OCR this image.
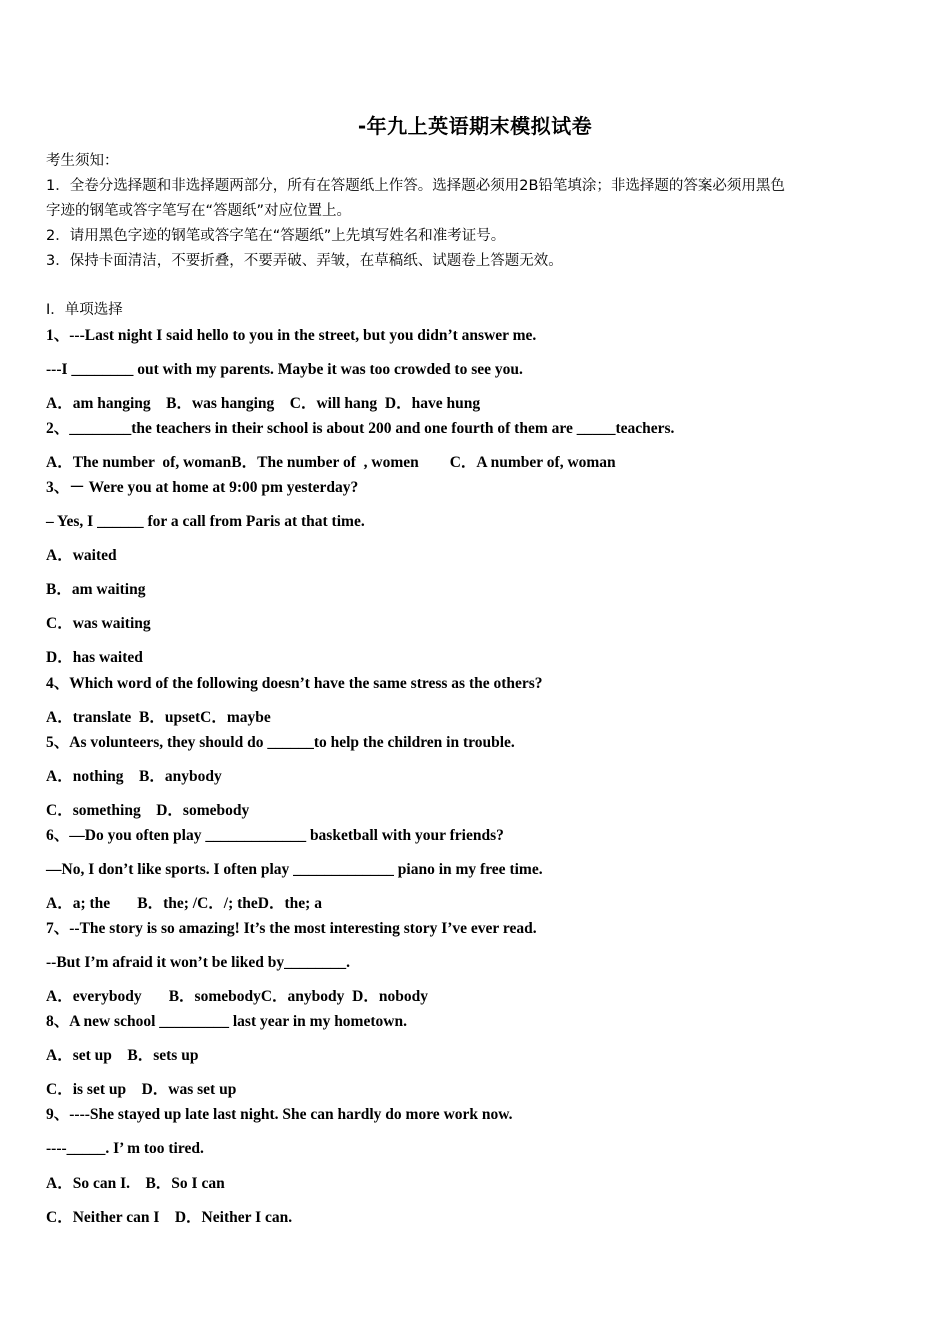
-年九上英语期末模拟试卷
考生须知：
1．全卷分选择题和非选择题两部分，所有在答题纸上作答。选择题必须用2B铅笔填涂；非选择题的答案必须用黑色
字迹的钢笔或答字笔写在“答题纸”对应位置上。
2．请用黑色字迹的钢笔或答字笔在“答题纸”上先填写姓名和准考证号。
3．保持卡面清洁，不要折叠，不要弄破、弄皱，在草稿纸、试题卷上答题无效。
Ⅰ．单项选择
1、---Last night I said hello to you in the street, but you didn’t answer me.
---I ________ out with my parents. Maybe it was too crowded to see you.
A．am hanging    B．was hanging    C．will hang  D．have hung
2、________the teachers in their school is about 200 and one fourth of them are _____teachers.
A．The number  of, womanB．The number of  , women        C．A number of, woman
3、－ Were you at home at 9:00 pm yesterday?
– Yes, I ______ for a call from Paris at that time.
A．waited
B．am waiting
C．was waiting
D．has waited
4、Which word of the following doesn’t have the same stress as the others?
A．translate  B．upsetC．maybe
5、As volunteers, they should do ______to help the children in trouble.
A．nothing    B．anybody
C．something    D．somebody
6、—Do you often play _____________ basketball with your friends?
—No, I don’t like sports. I often play _____________ piano in my free time.
A．a; the       B．the; /C．/; theD．the; a
7、--The story is so amazing! It’s the most interesting story I’ve ever read.
--But I’m afraid it won’t be liked by________.
A．everybody       B．somebodyC．anybody  D．nobody
8、A new school _________ last year in my hometown.
A．set up    B．sets up
C．is set up    D．was set up
9、----She stayed up late last night. She can hardly do more work now.
----_____. I’ m too tired.
A．So can I.    B．So I can
C．Neither can I    D．Neither I can.
